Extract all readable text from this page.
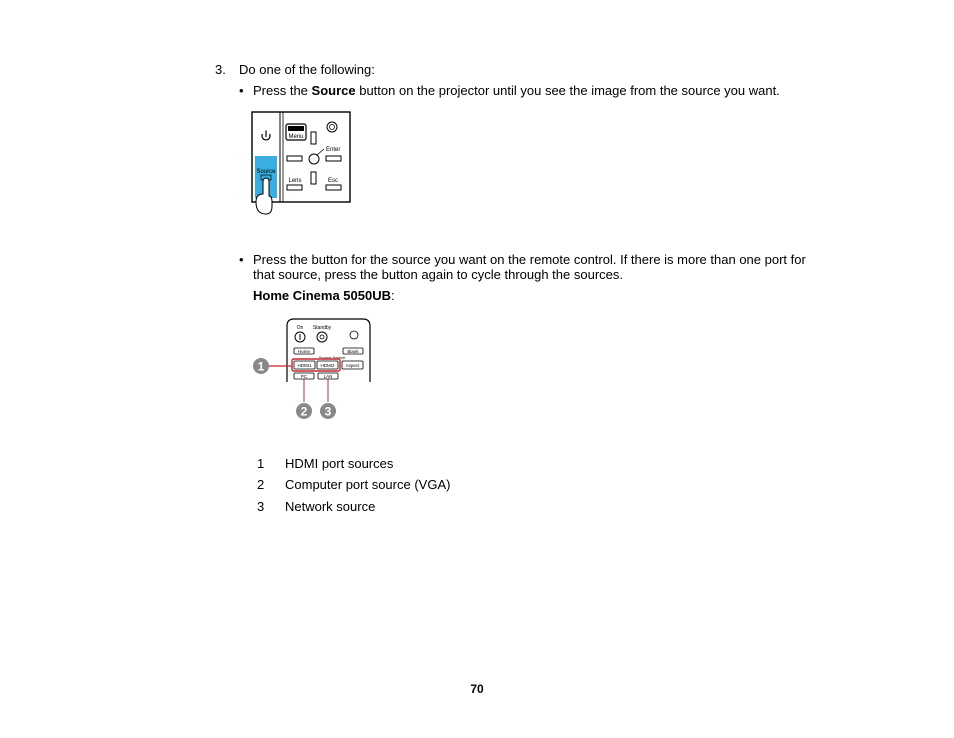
3. Do one of the following:
• Press the Source button on the projector until you see the image from the source you want.
Source
Menu
Enter
Lens	Esc
• Press the button for the source you want on the remote control. If there is more than one port for
that source, press the button again to cycle through the sources.
Home Cinema 5050UB:
On Standby
Home	Blank
Source Search
HDMI1 HDMI2 Aspect
PC	LAN
1
2 3
1 HDMI port sources
2 Computer port source (VGA)
3 Network source
70
